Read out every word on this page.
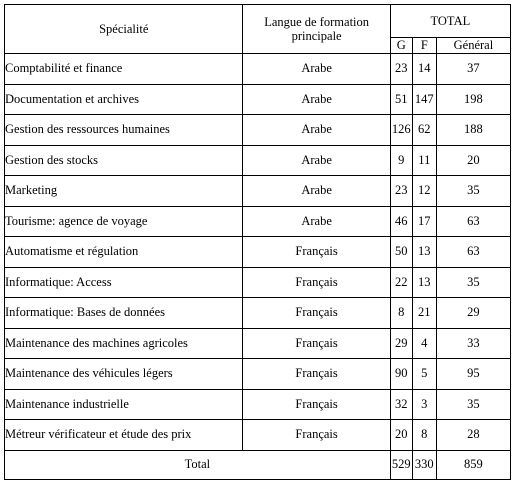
Spécialité	Langue de formation principale	TOTAL		
		G	F	Général
Comptabilité et finance	Arabe	23	14	37
Documentation et archives	Arabe	51	147	198
Gestion des ressources humaines	Arabe	126	62	188
Gestion des stocks	Arabe	9	11	20
Marketing	Arabe	23	12	35
Tourisme: agence de voyage	Arabe	46	17	63
Automatisme et régulation	Français	50	13	63
Informatique: Access	Français	22	13	35
Informatique: Bases de données	Français	8	21	29
Maintenance des machines agricoles	Français	29	4	33
Maintenance des véhicules légers	Français	90	5	95
Maintenance industrielle	Français	32	3	35
Métreur vérificateur et étude des prix	Français	20	8	28
Total		529	330	859
